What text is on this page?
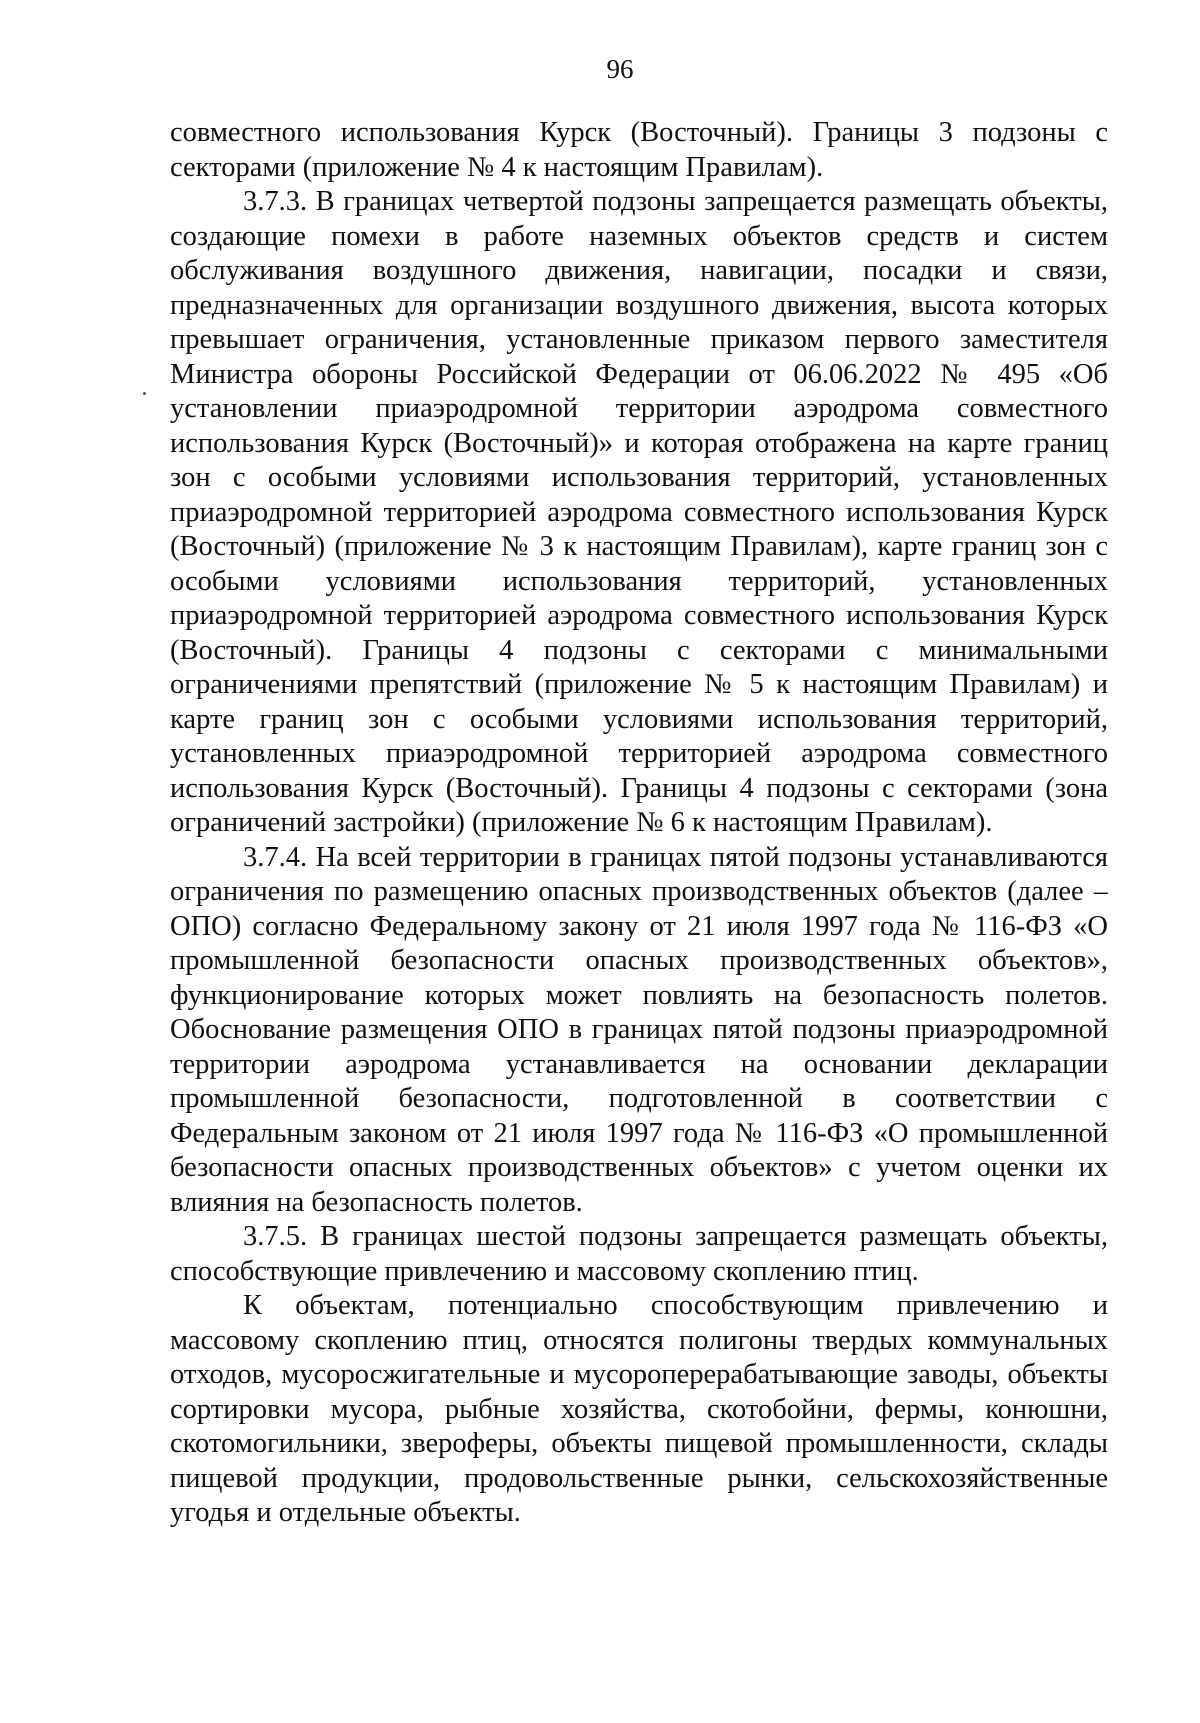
96

совместного использования Курск (Восточный). Границы 3 подзоны с секторами (приложение № 4 к настоящим Правилам).

3.7.3. В границах четвертой подзоны запрещается размещать объекты, создающие помехи в работе наземных объектов средств и систем обслуживания воздушного движения, навигации, посадки и связи, предназначенных для организации воздушного движения, высота которых превышает ограничения, установленные приказом первого заместителя Министра обороны Российской Федерации от 06.06.2022 № 495 «Об установлении приаэродромной территории аэродрома совместного использования Курск (Восточный)» и которая отображена на карте границ зон с особыми условиями использования территорий, установленных приаэродромной территорией аэродрома совместного использования Курск (Восточный) (приложение № 3 к настоящим Правилам), карте границ зон с особыми условиями использования территорий, установленных приаэродромной территорией аэродрома совместного использования Курск (Восточный). Границы 4 подзоны с секторами с минимальными ограничениями препятствий (приложение № 5 к настоящим Правилам) и карте границ зон с особыми условиями использования территорий, установленных приаэродромной территорией аэродрома совместного использования Курск (Восточный). Границы 4 подзоны с секторами (зона ограничений застройки) (приложение № 6 к настоящим Правилам).

3.7.4. На всей территории в границах пятой подзоны устанавливаются ограничения по размещению опасных производственных объектов (далее – ОПО) согласно Федеральному закону от 21 июля 1997 года № 116-ФЗ «О промышленной безопасности опасных производственных объектов», функционирование которых может повлиять на безопасность полетов. Обоснование размещения ОПО в границах пятой подзоны приаэродромной территории аэродрома устанавливается на основании декларации промышленной безопасности, подготовленной в соответствии с Федеральным законом от 21 июля 1997 года № 116-ФЗ «О промышленной безопасности опасных производственных объектов» с учетом оценки их влияния на безопасность полетов.

3.7.5. В границах шестой подзоны запрещается размещать объекты, способствующие привлечению и массовому скоплению птиц.

К объектам, потенциально способствующим привлечению и массовому скоплению птиц, относятся полигоны твердых коммунальных отходов, мусоросжигательные и мусороперерабатывающие заводы, объекты сортировки мусора, рыбные хозяйства, скотобойни, фермы, конюшни, скотомогильники, звероферы, объекты пищевой промышленности, склады пищевой продукции, продовольственные рынки, сельскохозяйственные угодья и отдельные объекты.
